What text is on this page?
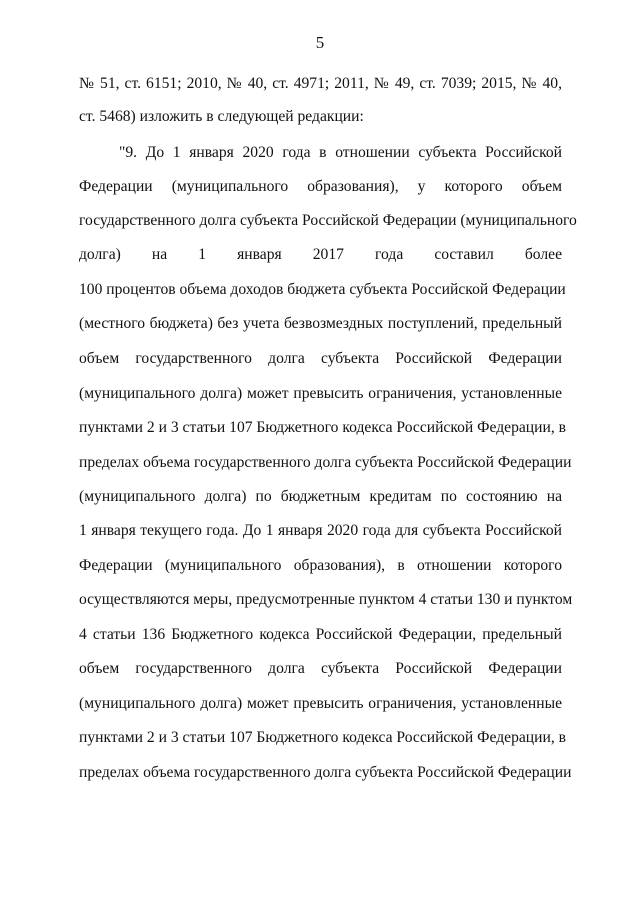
5
№ 51, ст. 6151; 2010, № 40, ст. 4971; 2011, № 49, ст. 7039; 2015, № 40,
ст. 5468) изложить в следующей редакции:
"9. До 1 января 2020 года в отношении субъекта Российской
Федерации (муниципального образования), у которого объем
государственного долга субъекта Российской Федерации (муниципального
долга) на 1 января 2017 года составил более
100 процентов объема доходов бюджета субъекта Российской Федерации
(местного бюджета) без учета безвозмездных поступлений, предельный
объем государственного долга субъекта Российской Федерации
(муниципального долга) может превысить ограничения, установленные
пунктами 2 и 3 статьи 107 Бюджетного кодекса Российской Федерации, в
пределах объема государственного долга субъекта Российской Федерации
(муниципального долга) по бюджетным кредитам по состоянию на
1 января текущего года. До 1 января 2020 года для субъекта Российской
Федерации (муниципального образования), в отношении которого
осуществляются меры, предусмотренные пунктом 4 статьи 130 и пунктом
4 статьи 136 Бюджетного кодекса Российской Федерации, предельный
объем государственного долга субъекта Российской Федерации
(муниципального долга) может превысить ограничения, установленные
пунктами 2 и 3 статьи 107 Бюджетного кодекса Российской Федерации, в
пределах объема государственного долга субъекта Российской Федерации
